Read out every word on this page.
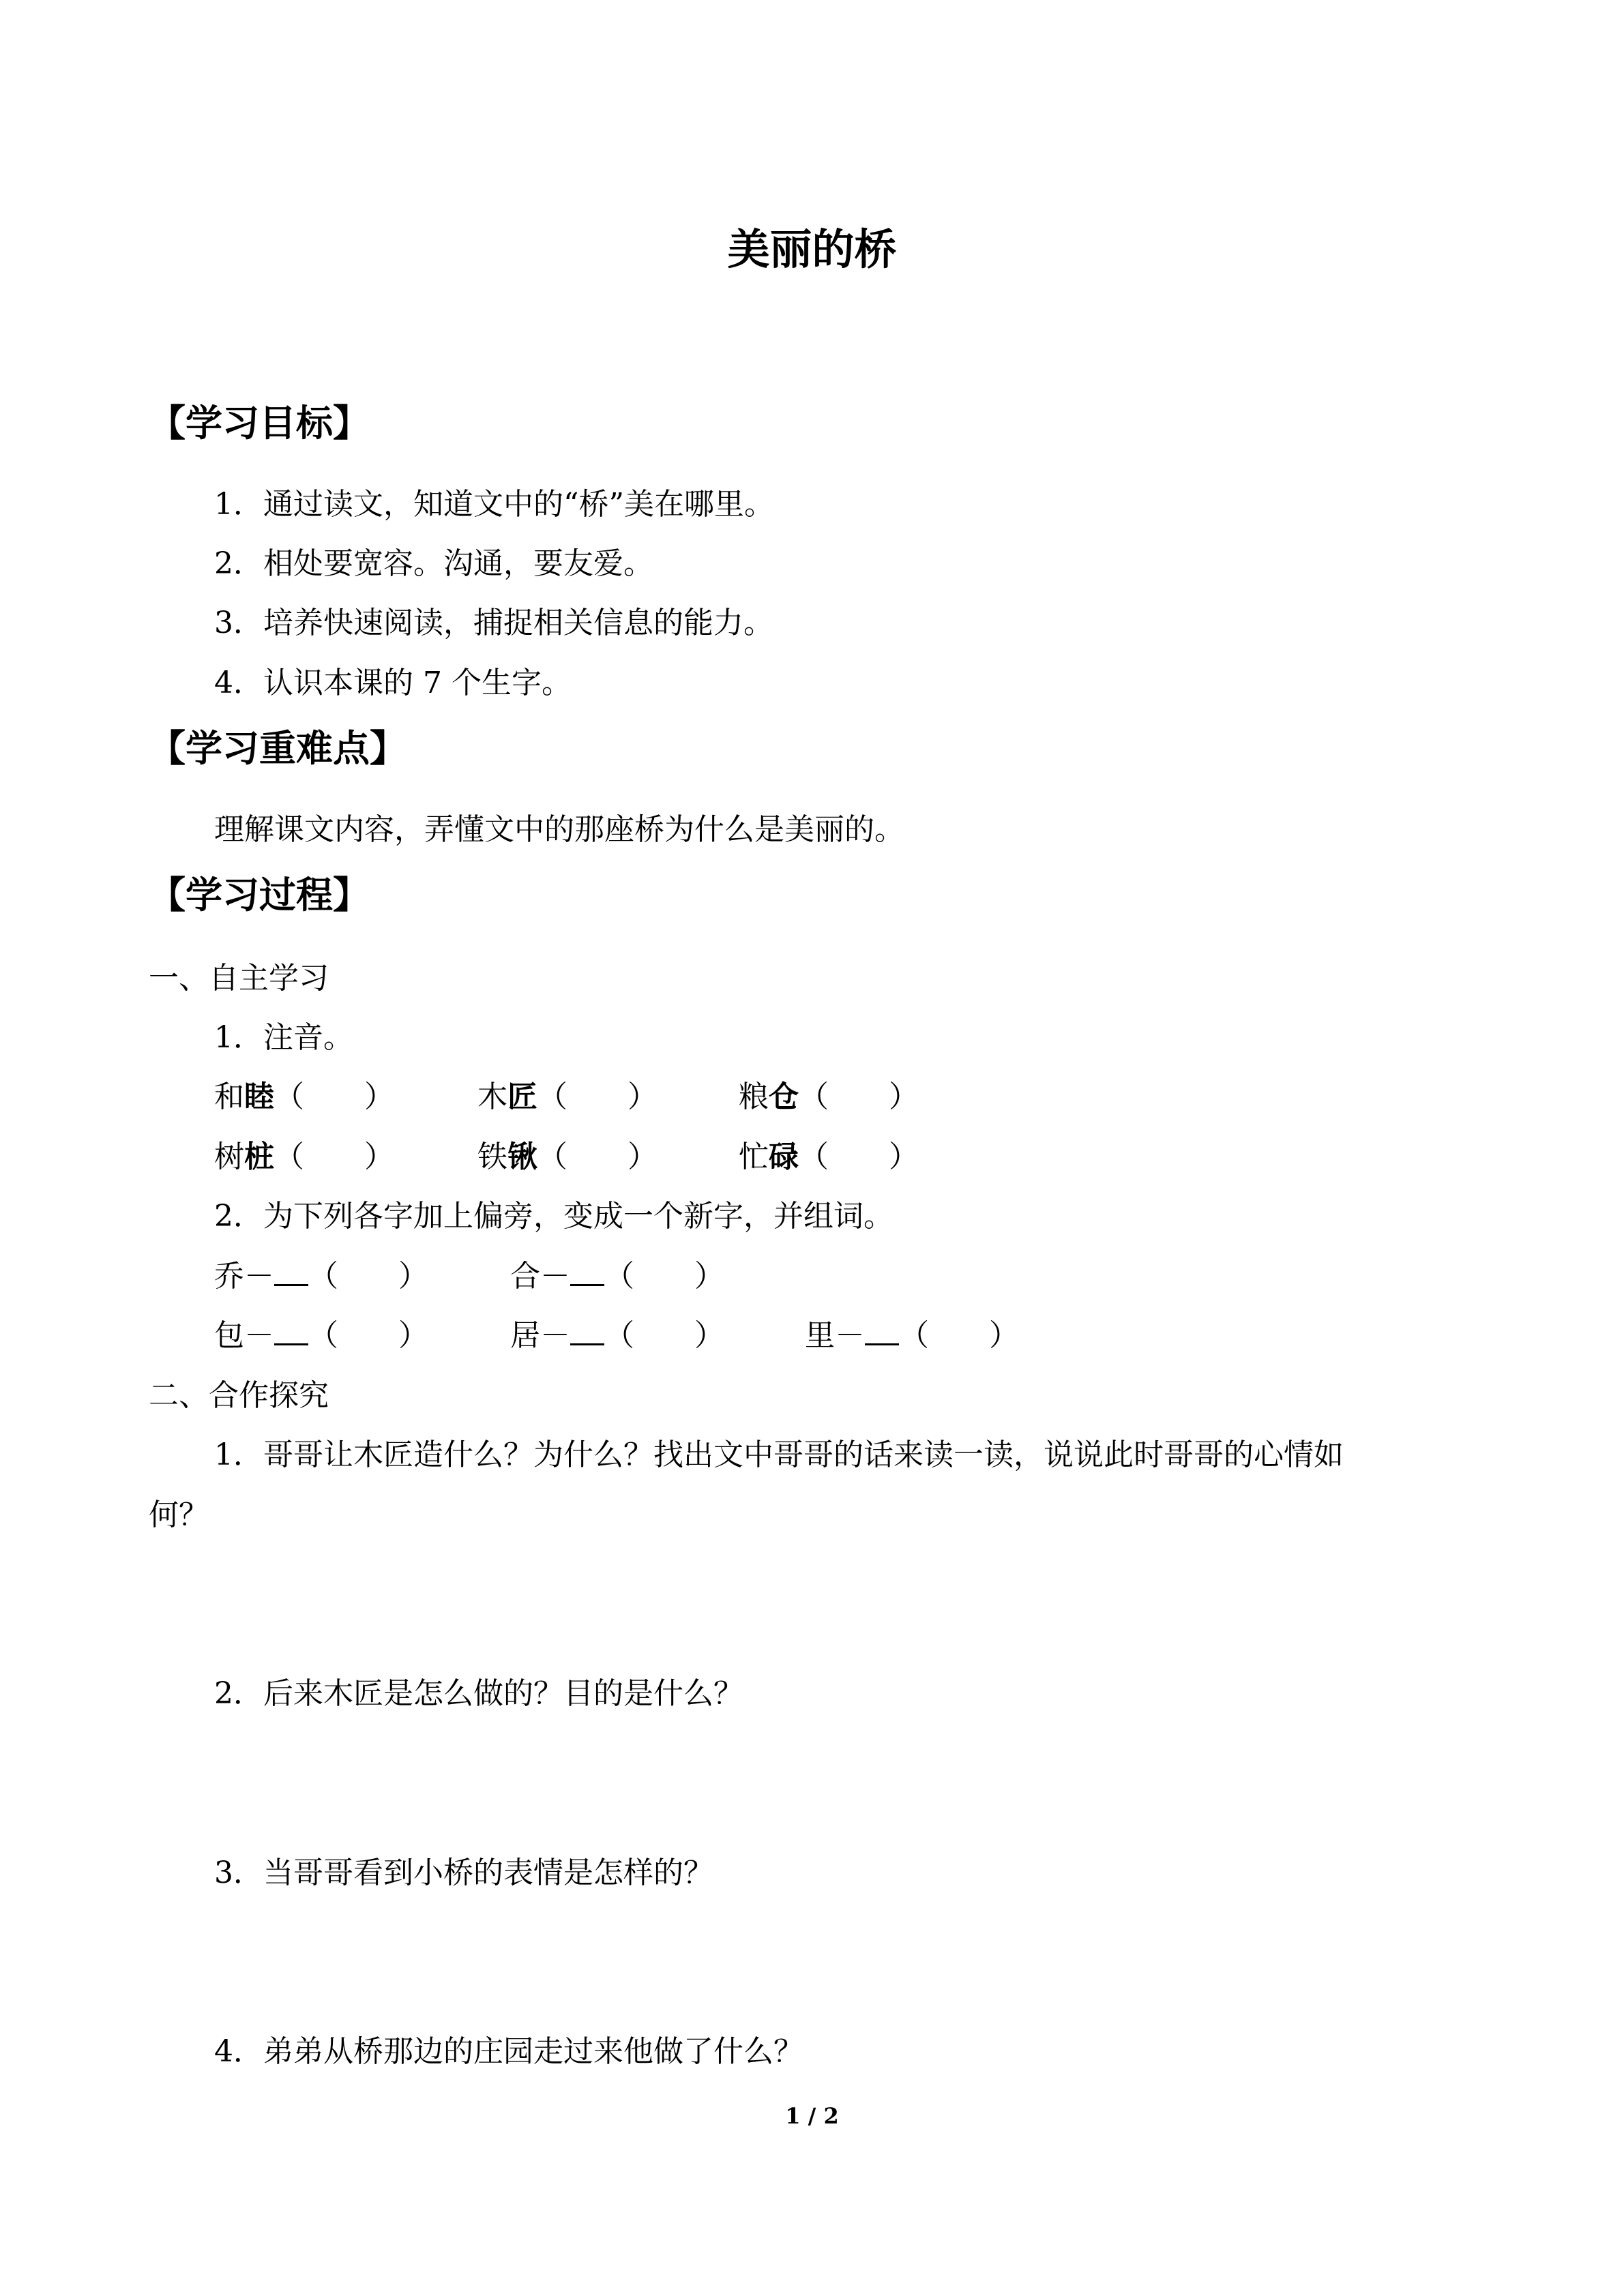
美丽的桥
【学习目标】
1．通过读文，知道文中的“桥”美在哪里。
2．相处要宽容。沟通，要友爱。
3．培养快速阅读，捕捉相关信息的能力。
4．认识本课的 7 个生字。
【学习重难点】
理解课文内容，弄懂文中的那座桥为什么是美丽的。
【学习过程】
一、自主学习
1．注音。
和睦（　　）	木匠（　　）	粮仓（　　）
树桩（　　）	铁锹（　　）	忙碌（　　）
2．为下列各字加上偏旁，变成一个新字，并组词。
乔－ （　　）	合－ （　　）
包－ （　　）	居－ （　　）	里－ （　　）
二、合作探究
1．哥哥让木匠造什么？为什么？找出文中哥哥的话来读一读，说说此时哥哥的心情如
何？
2．后来木匠是怎么做的？目的是什么？
3．当哥哥看到小桥的表情是怎样的？
4．弟弟从桥那边的庄园走过来他做了什么？
1 / 2
